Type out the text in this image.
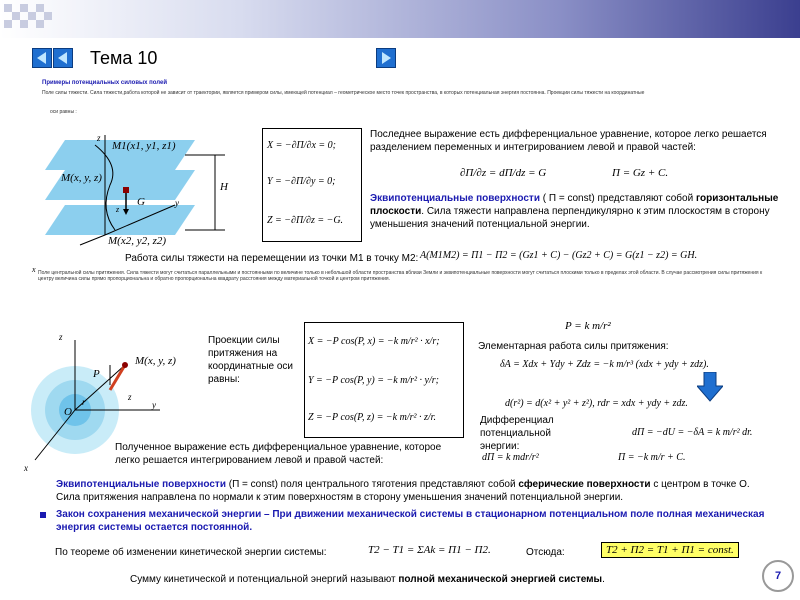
Тема 10
Примеры потенциальных силовых полей
Поле силы тяжести. Сила тяжести,работа которой не зависит от траектории, является примером силы, имеющей потенциал – геометрическое место точек пространства, в которых потенциальная энергия постоянна. Проекции силы тяжести на координатные
оси равны :
z
y
x
M1(x1, y1, z1)
M(x, y, z)
M(x2, y2, z2)
G
H
z
X = −∂П/∂x = 0;
Y = −∂П/∂y = 0;
Z = −∂П/∂z = −G.
Последнее выражение есть дифференциальное уравнение, которое легко решается разделением переменных и интегрированием левой и правой частей:
∂П/∂z = dП/dz = G	П = Gz + C.
Эквипотенциальные поверхности ( П = const) представляют собой горизонтальные плоскости. Сила тяжести направлена перпендикулярно к этим плоскостям в сторону уменьшения значений потенциальной энергии.
Работа силы тяжести на перемещении из точки M1 в точку M2: A(M1M2) = П1 − П2 = (Gz1 + C) − (Gz2 + C) = G(z1 − z2) = GH.
Поле центральной силы притяжения. Сила тяжести могут считаться параллельными и постоянными по величине только в небольшой области пространства вблизи Земли и эквипотенциальные поверхности могут считаться плоскими только в пределах этой области. В случае рассмотрения силы притяжения к центру величина силы прямо пропорциональна и обратно пропорциональна квадрату расстояния между материальной точкой и центром притяжения.
z
y
x
M(x, y, z)
P
O
r	z
Проекции силы притяжения на координатные оси равны:
X = −P cos(P, x) = −k m/r² · x/r;
Y = −P cos(P, y) = −k m/r² · y/r;
Z = −P cos(P, z) = −k m/r² · z/r.
P = k m/r²
Элементарная работа силы притяжения:
δA = Xdx + Ydy + Zdz = −k m/r³ (xdx + ydy + zdz).
d(r²) = d(x² + y² + z²), rdr = xdx + ydy + zdz.
Дифференциал потенциальной энергии:
dП = −dU = −δA = k m/r² dr.
Полученное выражение есть дифференциальное уравнение, которое легко решается интегрированием левой и правой частей:	dП = k mdr/r²	П = −k m/r + C.
Эквипотенциальные поверхности (П = const) поля центрального тяготения представляют собой сферические поверхности с центром в точке O. Сила притяжения направлена по нормали к этим поверхностям в сторону уменьшения значений потенциальной энергии.
Закон сохранения механической энергии – При движении механической системы в стационарном потенциальном поле полная механическая энергия системы остается постоянной.
По теореме об изменении кинетической энергии системы:	T2 − T1 = ΣAk = П1 − П2.	Отсюда:	T2 + П2 = T1 + П1 = const.
Сумму кинетической и потенциальной энергий называют полной механической энергией системы.	7
